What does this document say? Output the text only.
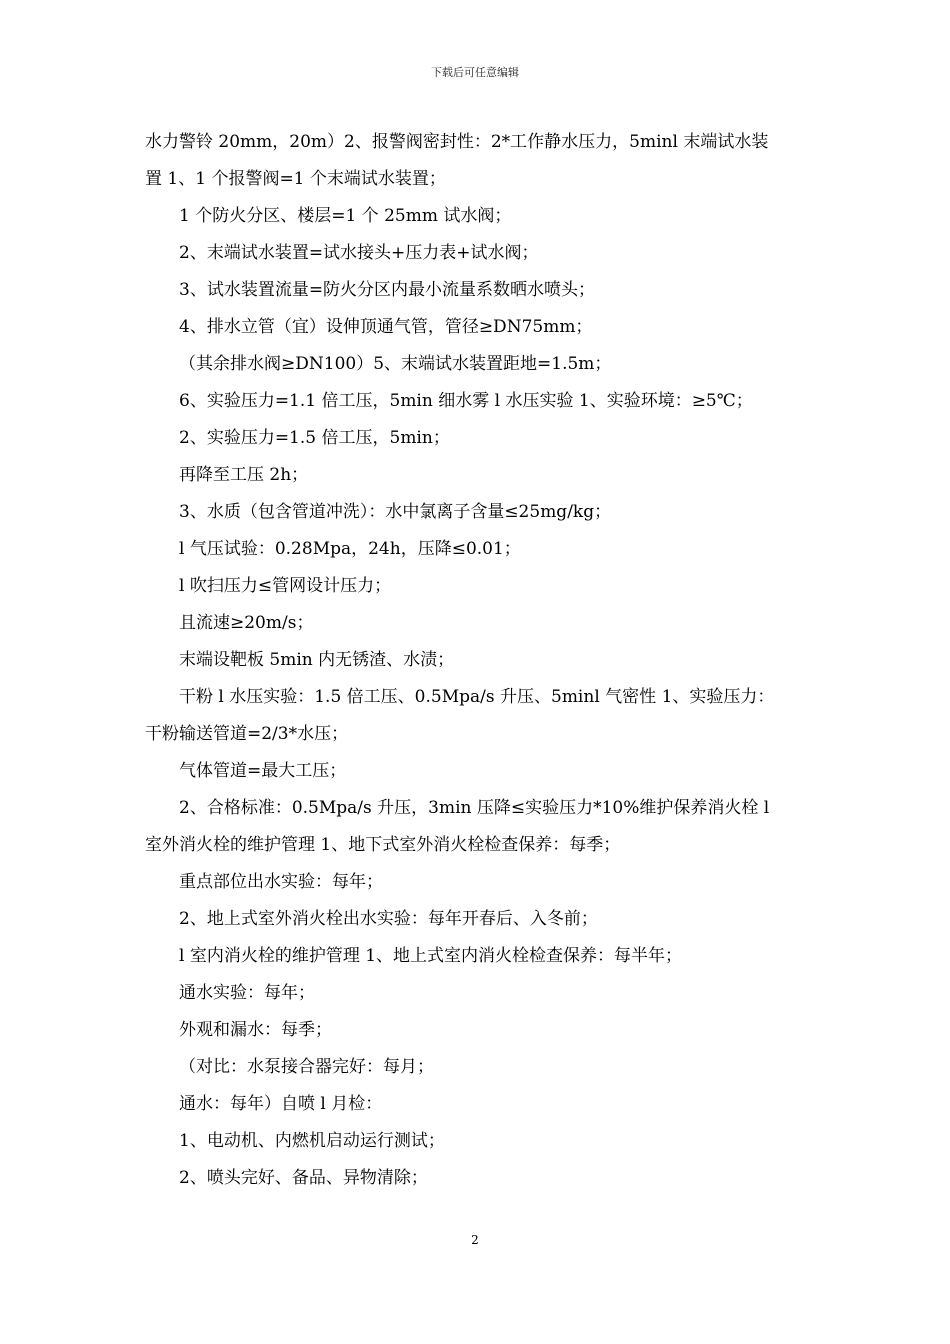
下载后可任意编辑
水力警铃 20mm，20m）2、报警阀密封性：2*工作静水压力，5minl 末端试水装
置 1、1 个报警阀=1 个末端试水装置；
1 个防火分区、楼层=1 个 25mm 试水阀；
2、末端试水装置=试水接头+压力表+试水阀；
3、试水装置流量=防火分区内最小流量系数晒水喷头；
4、排水立管（宜）设伸顶通气管，管径≥DN75mm；
（其余排水阀≥DN100）5、末端试水装置距地=1.5m；
6、实验压力=1.1 倍工压，5min 细水雾 l 水压实验 1、实验环境：≥5℃；
2、实验压力=1.5 倍工压，5min；
再降至工压 2h；
3、水质（包含管道冲洗）：水中氯离子含量≤25mg/kg；
l 气压试验：0.28Mpa，24h，压降≤0.01；
l 吹扫压力≤管网设计压力；
且流速≥20m/s；
末端设靶板 5min 内无锈渣、水渍；
干粉 l 水压实验：1.5 倍工压、0.5Mpa/s 升压、5minl 气密性 1、实验压力：
干粉输送管道=2/3*水压；
气体管道=最大工压；
2、合格标准：0.5Mpa/s 升压，3min 压降≤实验压力*10%维护保养消火栓 l
室外消火栓的维护管理 1、地下式室外消火栓检查保养：每季；
重点部位出水实验：每年；
2、地上式室外消火栓出水实验：每年开春后、入冬前；
l 室内消火栓的维护管理 1、地上式室内消火栓检查保养：每半年；
通水实验：每年；
外观和漏水：每季；
（对比：水泵接合器完好：每月；
通水：每年）自喷 l 月检：
1、电动机、内燃机启动运行测试；
2、喷头完好、备品、异物清除；
2
